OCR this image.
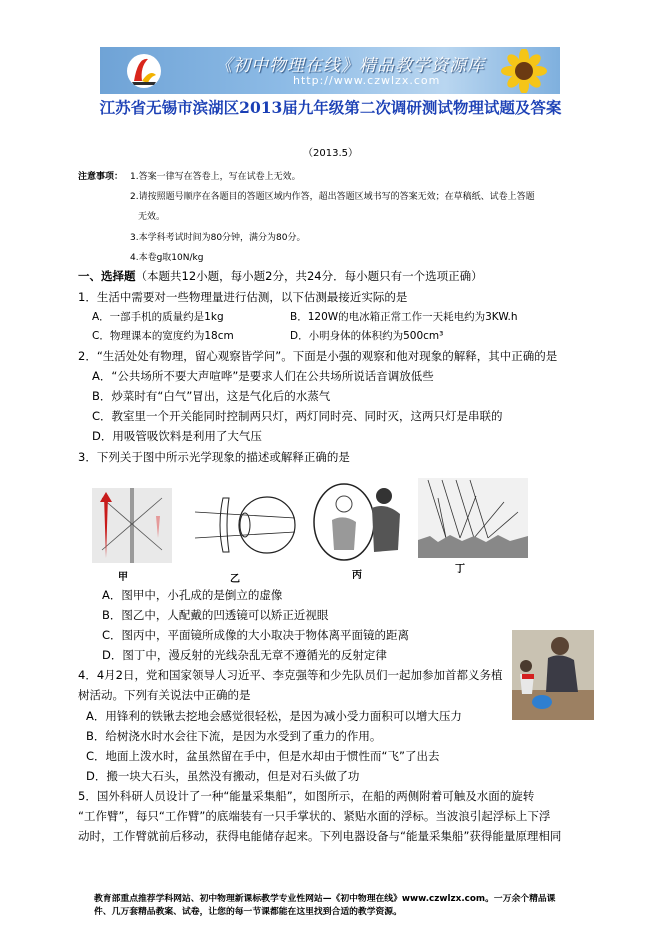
《初中物理在线》精品教学资源库
http://www.czwlzx.com
江苏省无锡市滨湖区2013届九年级第二次调研测试物理试题及答案
（2013.5）
注意事项： 1.答案一律写在答卷上，写在试卷上无效。
2.请按照题号顺序在各题目的答题区域内作答，超出答题区域书写的答案无效；在草稿纸、试卷上答题
无效。
3.本学科考试时间为80分钟，满分为80分。
4.本卷g取10N/kg
一、选择题（本题共12小题，每小题2分，共24分．每小题只有一个选项正确）
1．生活中需要对一些物理量进行估测，以下估测最接近实际的是
A．一部手机的质量约是1kg	B．120W的电冰箱正常工作一天耗电约为3KW.h
C．物理课本的宽度约为18cm	D．小明身体的体积约为500cm³
2．“生活处处有物理，留心观察皆学问”。下面是小强的观察和他对现象的解释，其中正确的是
A．“公共场所不要大声喧哗”是要求人们在公共场所说话音调放低些
B．炒菜时有“白气”冒出，这是气化后的水蒸气
C．教室里一个开关能同时控制两只灯，两灯同时亮、同时灭，这两只灯是串联的
D．用吸管吸饮料是利用了大气压
3．下列关于图中所示光学现象的描述或解释正确的是
甲	乙	丙
丁
A．图甲中，小孔成的是倒立的虚像
B．图乙中，人配戴的凹透镜可以矫正近视眼
C．图丙中，平面镜所成像的大小取决于物体离平面镜的距离
D．图丁中，漫反射的光线杂乱无章不遵循光的反射定律
4．4月2日，党和国家领导人习近平、李克强等和少先队员们一起加参加首都义务植
树活动。下列有关说法中正确的是
A．用锋利的铁锹去挖地会感觉很轻松，是因为减小受力面积可以增大压力
B．给树浇水时水会往下流，是因为水受到了重力的作用。
C．地面上泼水时，盆虽然留在手中，但是水却由于惯性而“飞”了出去
D．搬一块大石头，虽然没有搬动，但是对石头做了功
5．国外科研人员设计了一种“能量采集船”，如图所示，在船的两侧附着可触及水面的旋转
“工作臂”，每只“工作臂”的底端装有一只手掌状的、紧贴水面的浮标。当波浪引起浮标上下浮
动时，工作臂就前后移动，获得电能储存起来。下列电器设备与“能量采集船”获得能量原理相同
教育部重点推荐学科网站、初中物理新课标教学专业性网站—《初中物理在线》www.czwlzx.com。一万余个精品课
件、几万套精品教案、试卷，让您的每一节课都能在这里找到合适的教学资源。
